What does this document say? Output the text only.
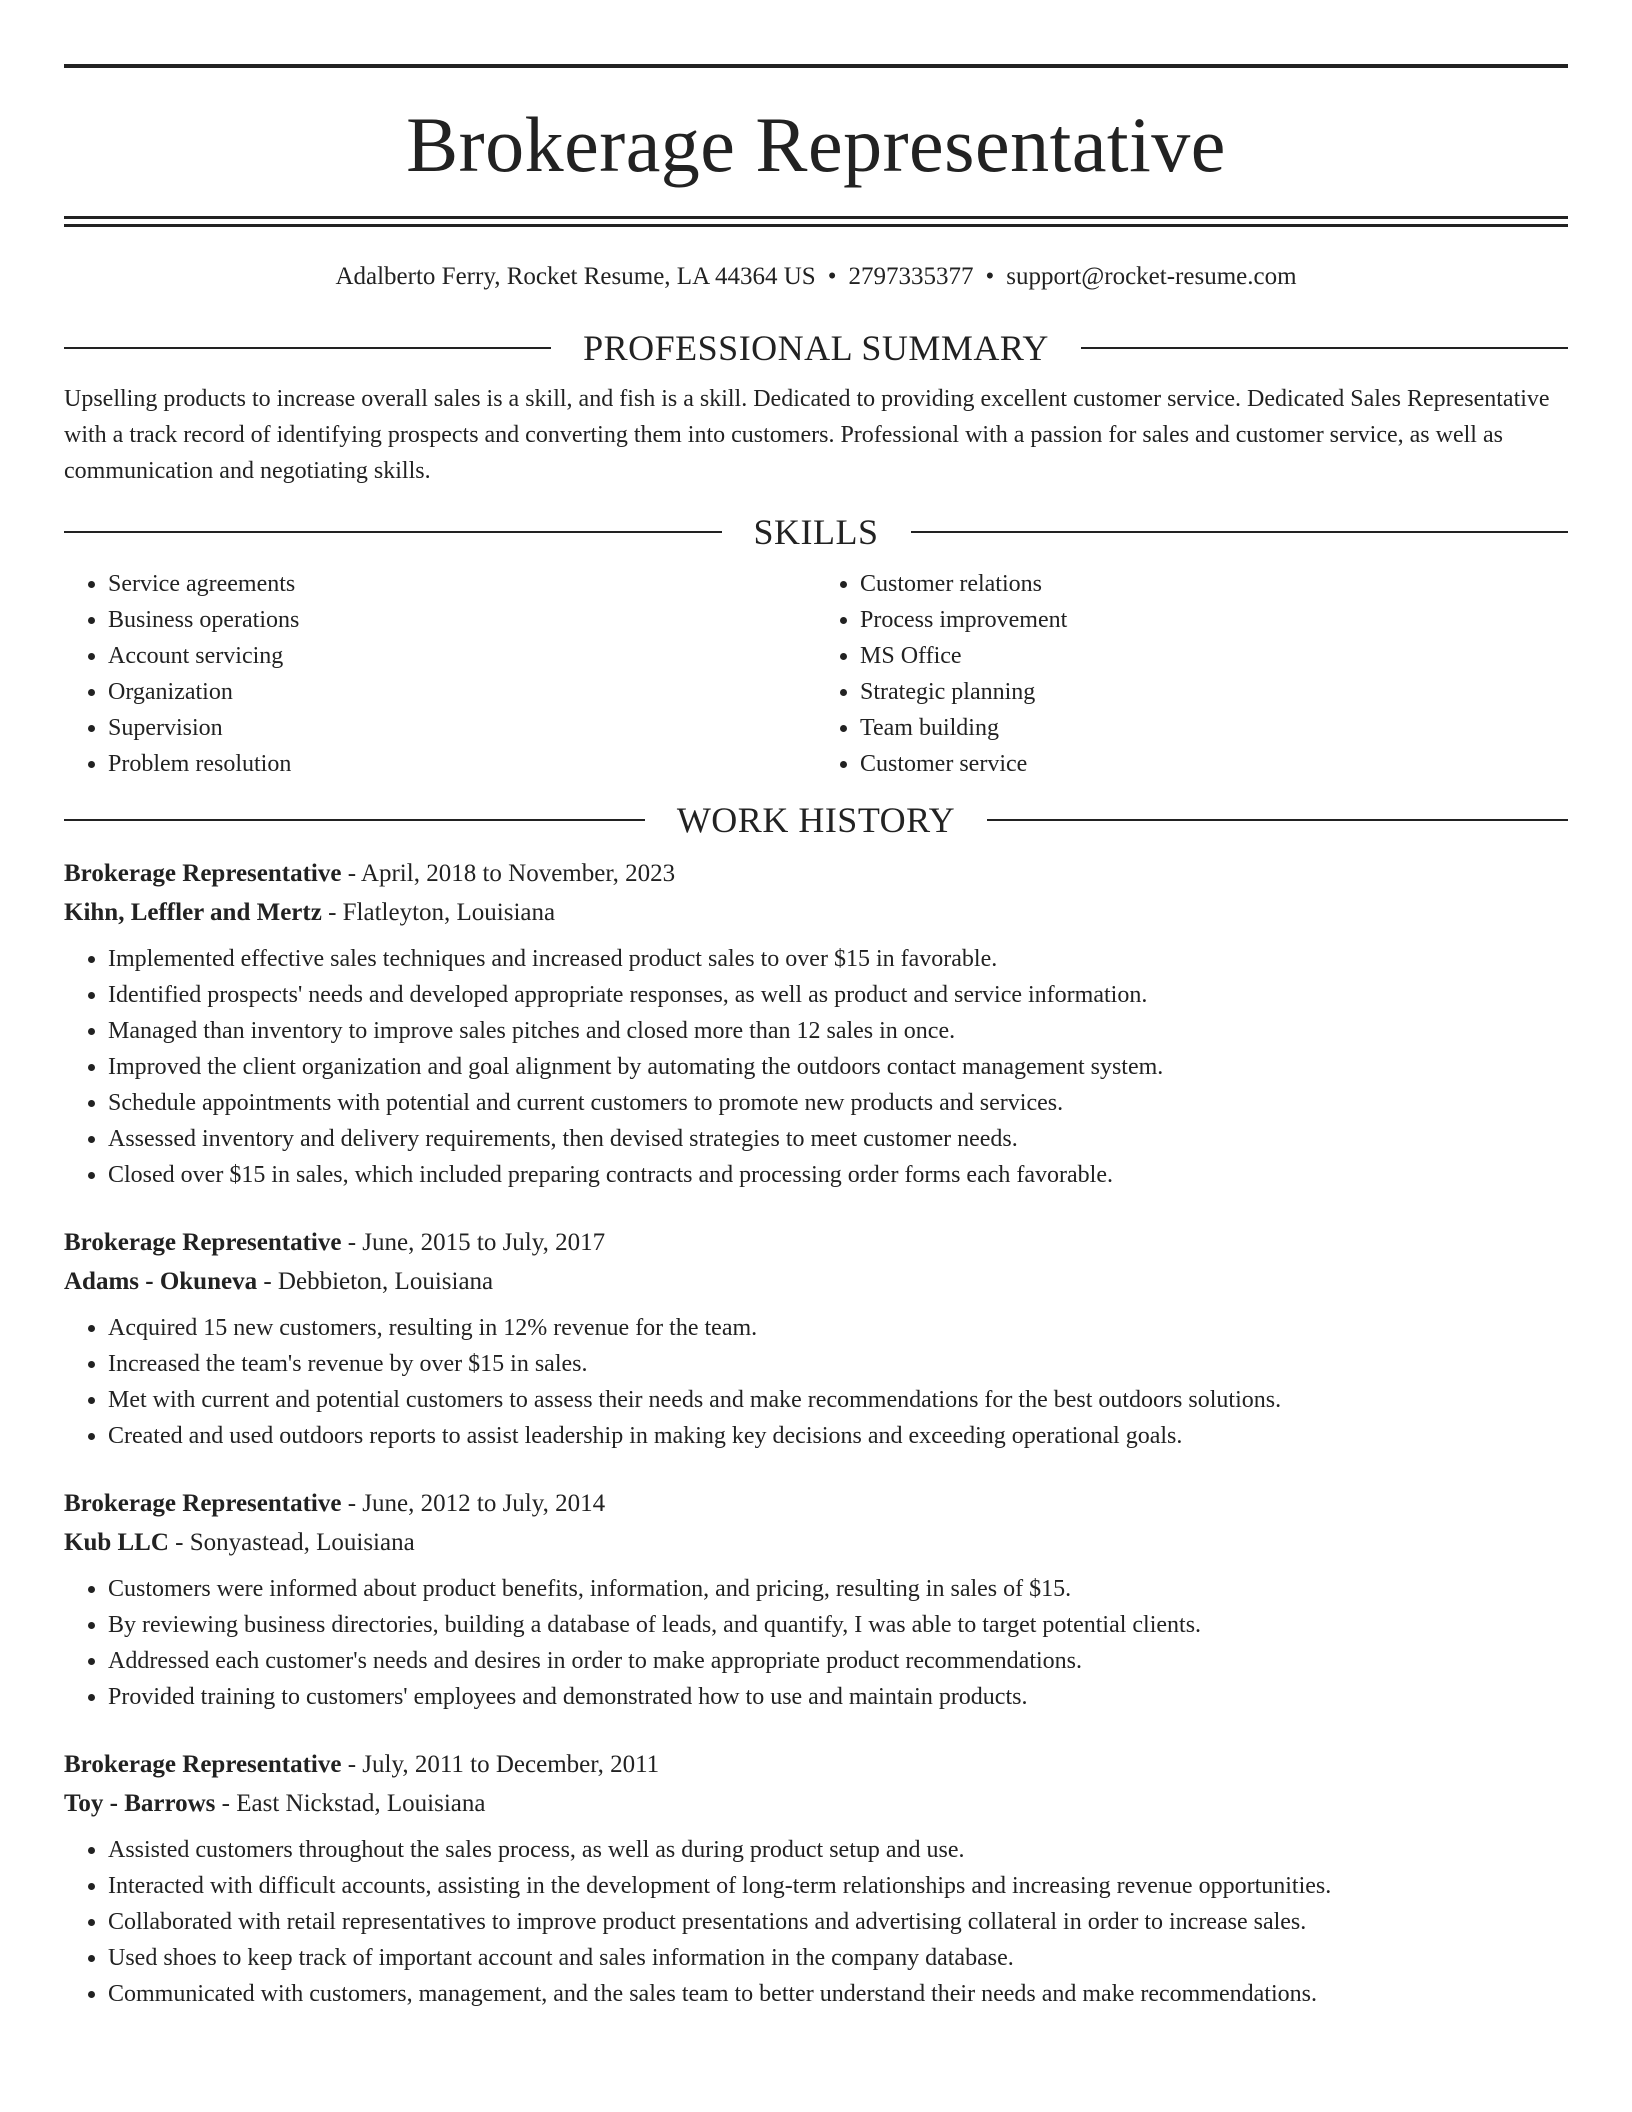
Brokerage Representative
Adalberto Ferry, Rocket Resume, LA 44364 US • 2797335377 • support@rocket-resume.com
PROFESSIONAL SUMMARY
Upselling products to increase overall sales is a skill, and fish is a skill. Dedicated to providing excellent customer service. Dedicated Sales Representative with a track record of identifying prospects and converting them into customers. Professional with a passion for sales and customer service, as well as communication and negotiating skills.
SKILLS
• Service agreements
• Business operations
• Account servicing
• Organization
• Supervision
• Problem resolution
• Customer relations
• Process improvement
• MS Office
• Strategic planning
• Team building
• Customer service
WORK HISTORY
Brokerage Representative - April, 2018 to November, 2023
Kihn, Leffler and Mertz - Flatleyton, Louisiana
• Implemented effective sales techniques and increased product sales to over $15 in favorable.
• Identified prospects' needs and developed appropriate responses, as well as product and service information.
• Managed than inventory to improve sales pitches and closed more than 12 sales in once.
• Improved the client organization and goal alignment by automating the outdoors contact management system.
• Schedule appointments with potential and current customers to promote new products and services.
• Assessed inventory and delivery requirements, then devised strategies to meet customer needs.
• Closed over $15 in sales, which included preparing contracts and processing order forms each favorable.
Brokerage Representative - June, 2015 to July, 2017
Adams - Okuneva - Debbieton, Louisiana
• Acquired 15 new customers, resulting in 12% revenue for the team.
• Increased the team's revenue by over $15 in sales.
• Met with current and potential customers to assess their needs and make recommendations for the best outdoors solutions.
• Created and used outdoors reports to assist leadership in making key decisions and exceeding operational goals.
Brokerage Representative - June, 2012 to July, 2014
Kub LLC - Sonyastead, Louisiana
• Customers were informed about product benefits, information, and pricing, resulting in sales of $15.
• By reviewing business directories, building a database of leads, and quantify, I was able to target potential clients.
• Addressed each customer's needs and desires in order to make appropriate product recommendations.
• Provided training to customers' employees and demonstrated how to use and maintain products.
Brokerage Representative - July, 2011 to December, 2011
Toy - Barrows - East Nickstad, Louisiana
• Assisted customers throughout the sales process, as well as during product setup and use.
• Interacted with difficult accounts, assisting in the development of long-term relationships and increasing revenue opportunities.
• Collaborated with retail representatives to improve product presentations and advertising collateral in order to increase sales.
• Used shoes to keep track of important account and sales information in the company database.
• Communicated with customers, management, and the sales team to better understand their needs and make recommendations.
